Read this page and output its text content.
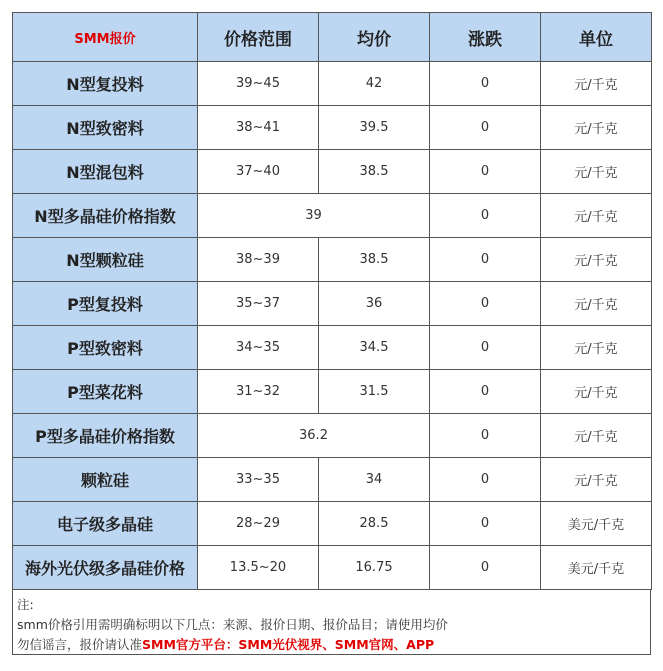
SMM报价	价格范围	均价	涨跌	单位
N型复投料	39~45	42	0	元/千克
N型致密料	38~41	39.5	0	元/千克
N型混包料	37~40	38.5	0	元/千克
N型多晶硅价格指数	39		0	元/千克
N型颗粒硅	38~39	38.5	0	元/千克
P型复投料	35~37	36	0	元/千克
P型致密料	34~35	34.5	0	元/千克
P型菜花料	31~32	31.5	0	元/千克
P型多晶硅价格指数	36.2		0	元/千克
颗粒硅	33~35	34	0	元/千克
电子级多晶硅	28~29	28.5	0	美元/千克
海外光伏级多晶硅价格	13.5~20	16.75	0	美元/千克
注:
smm价格引用需明确标明以下几点：来源、报价日期、报价品目；请使用均价
勿信谣言，报价请认准SMM官方平台：SMM光伏视界、SMM官网、APP
